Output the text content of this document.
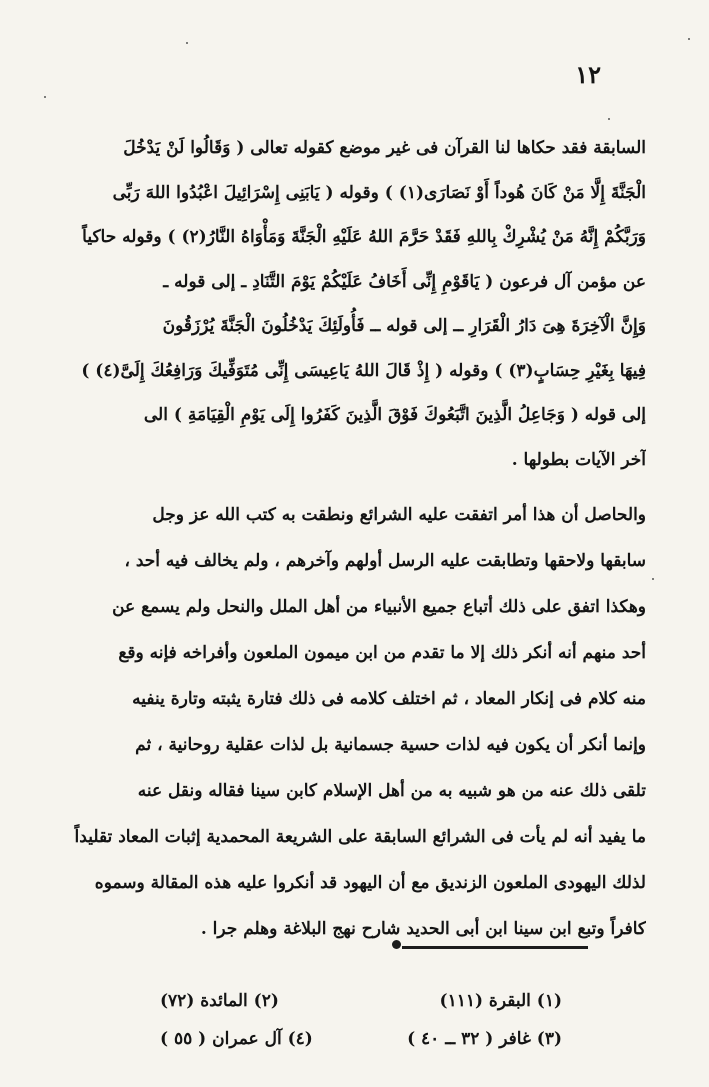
١٢
السابقة فقد حكاها لنا القرآن فى غير موضع كقوله تعالى ( وَقَالُوا لَنْ يَدْخُلَ
الْجَنَّةَ إِلَّا مَنْ كَانَ هُوداً أَوْ نَصَارَى(١) ) وقوله ( يَابَنِى إِسْرَائِيلَ اعْبُدُوا اللهَ رَبِّى
وَرَبَّكُمْ إِنَّهُ مَنْ يُشْرِكْ بِاللهِ فَقَدْ حَرَّمَ اللهُ عَلَيْهِ الْجَنَّةَ وَمَأْوَاهُ النَّارُ(٢) ) وقوله حاكياً
عن مؤمن آل فرعون ( يَاقَوْمِ إِنِّى أَخَافُ عَلَيْكُمْ يَوْمَ التَّنَادِ ـ إلى قوله ـ
وَإِنَّ الْآخِرَةَ هِىَ دَارُ الْقَرَارِ ــ إلى قوله ــ فَأُولَئِكَ يَدْخُلُونَ الْجَنَّةَ يُرْزَقُونَ
فِيهَا بِغَيْرِ حِسَابٍ(٣) ) وقوله ( إِذْ قَالَ اللهُ يَاعِيسَى إِنِّى مُتَوَفِّيكَ وَرَافِعُكَ إِلَىَّ(٤) )
إلى قوله ( وَجَاعِلُ الَّذِينَ اتَّبَعُوكَ فَوْقَ الَّذِينَ كَفَرُوا إِلَى يَوْمِ الْقِيَامَةِ ) الى
آخر الآيات بطولها .
والحاصل أن هذا أمر اتفقت عليه الشرائع ونطقت به كتب الله عز وجل
سابقها ولاحقها وتطابقت عليه الرسل أولهم وآخرهم ، ولم يخالف فيه أحد ،
وهكذا اتفق على ذلك أتباع جميع الأنبياء من أهل الملل والنحل ولم يسمع عن
أحد منهم أنه أنكر ذلك إلا ما تقدم من ابن ميمون الملعون وأفراخه فإنه وقع
منه كلام فى إنكار المعاد ، ثم اختلف كلامه فى ذلك فتارة يثبته وتارة ينفيه
وإنما أنكر أن يكون فيه لذات حسية جسمانية بل لذات عقلية روحانية ، ثم
تلقى ذلك عنه من هو شبيه به من أهل الإسلام كابن سينا فقاله ونقل عنه
ما يفيد أنه لم يأت فى الشرائع السابقة على الشريعة المحمدية إثبات المعاد تقليداً
لذلك اليهودى الملعون الزنديق مع أن اليهود قد أنكروا عليه هذه المقالة وسموه
كافراً وتبع ابن سينا ابن أبى الحديد شارح نهج البلاغة وهلم جرا .
(١) البقرة (١١١)
(٢) المائدة (٧٢)
(٣) غافر ( ٣٢ ــ ٤٠ )
(٤) آل عمران ( ٥٥ )
